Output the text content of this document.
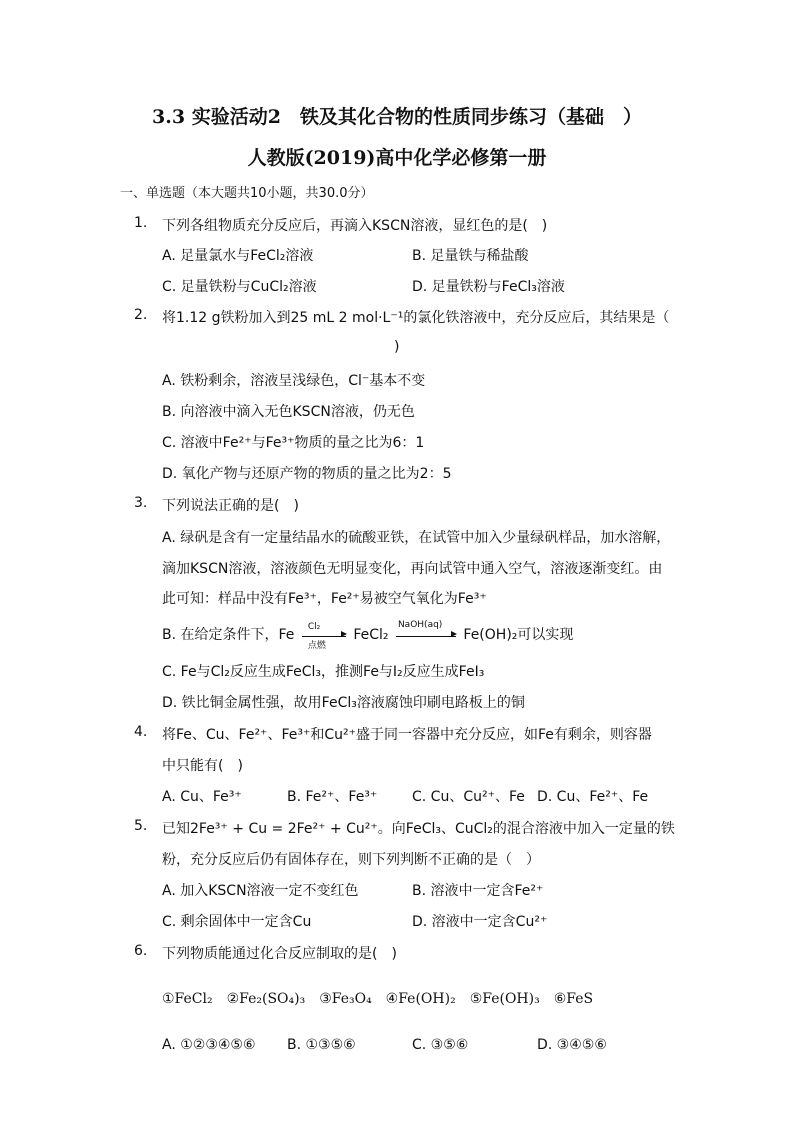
3.3 实验活动2　铁及其化合物的性质同步练习（基础　）
人教版(2019)高中化学必修第一册
一、单选题（本大题共10小题，共30.0分）
1. 下列各组物质充分反应后，再滴入KSCN溶液，显红色的是(　)
A. 足量氯水与FeCl₂溶液	B. 足量铁与稀盐酸
C. 足量铁粉与CuCl₂溶液	D. 足量铁粉与FeCl₃溶液
2. 将1.12 g铁粉加入到25 mL 2 mol·L⁻¹的氯化铁溶液中，充分反应后，其结果是（
)
A. 铁粉剩余，溶液呈浅绿色，Cl⁻基本不变
B. 向溶液中滴入无色KSCN溶液，仍无色
C. 溶液中Fe²⁺与Fe³⁺物质的量之比为6：1
D. 氧化产物与还原产物的物质的量之比为2：5
3. 下列说法正确的是(　)
A. 绿矾是含有一定量结晶水的硫酸亚铁，在试管中加入少量绿矾样品，加水溶解，
滴加KSCN溶液，溶液颜色无明显变化，再向试管中通入空气，溶液逐渐变红。由
此可知：样品中没有Fe³⁺，Fe²⁺易被空气氧化为Fe³⁺
B. 在给定条件下，Fe
Cl₂
点燃
FeCl₂
NaOH(aq)
Fe(OH)₂可以实现
C. Fe与Cl₂反应生成FeCl₃，推测Fe与I₂反应生成FeI₃
D. 铁比铜金属性强，故用FeCl₃溶液腐蚀印刷电路板上的铜
4. 将Fe、Cu、Fe²⁺、Fe³⁺和Cu²⁺盛于同一容器中充分反应，如Fe有剩余，则容器
中只能有(　)
A. Cu、Fe³⁺	B. Fe²⁺、Fe³⁺ C. Cu、Cu²⁺、Fe D. Cu、Fe²⁺、Fe
5. 已知2Fe³⁺ + Cu = 2Fe²⁺ + Cu²⁺。向FeCl₃、CuCl₂的混合溶液中加入一定量的铁
粉，充分反应后仍有固体存在，则下列判断不正确的是（　）
A. 加入KSCN溶液一定不变红色	B. 溶液中一定含Fe²⁺
C. 剩余固体中一定含Cu	D. 溶液中一定含Cu²⁺
6. 下列物质能通过化合反应制取的是(　)
①FeCl₂　②Fe₂(SO₄)₃　③Fe₃O₄　④Fe(OH)₂　⑤Fe(OH)₃　⑥FeS
A. ①②③④⑤⑥ B. ①③⑤⑥	C. ③⑤⑥	D. ③④⑤⑥
